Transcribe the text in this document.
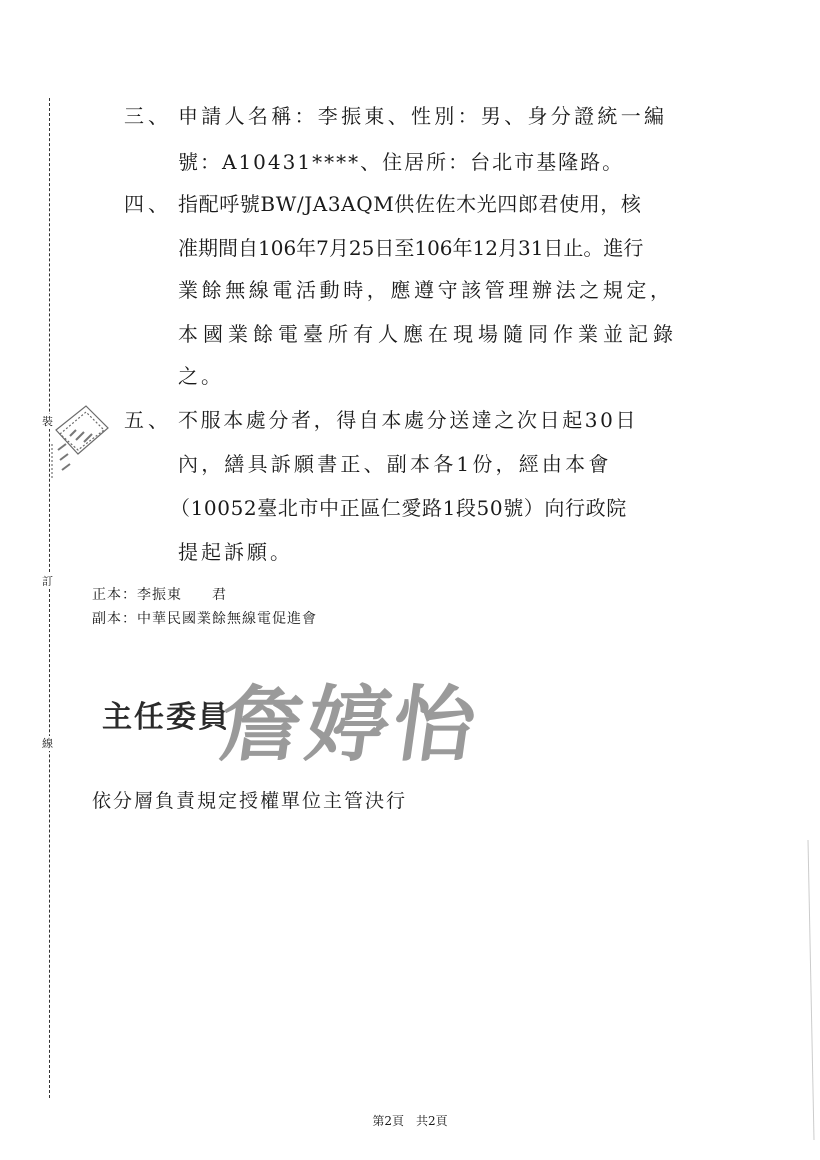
裝
訂
線
三、 申請人名稱：李振東、性別：男、身分證統一編
號：A10431****、住居所：台北市基隆路。
四、 指配呼號BW/JA3AQM供佐佐木光四郎君使用，核
准期間自106年7月25日至106年12月31日止。進行
業餘無線電活動時，應遵守該管理辦法之規定，
本國業餘電臺所有人應在現場隨同作業並記錄
之。
五、 不服本處分者，得自本處分送達之次日起30日
內，繕具訴願書正、副本各1份，經由本會
（10052臺北市中正區仁愛路1段50號）向行政院
提起訴願。
正本：李振東　　君
副本：中華民國業餘無線電促進會
主任委員
詹婷怡
依分層負責規定授權單位主管決行
第2頁　共2頁
